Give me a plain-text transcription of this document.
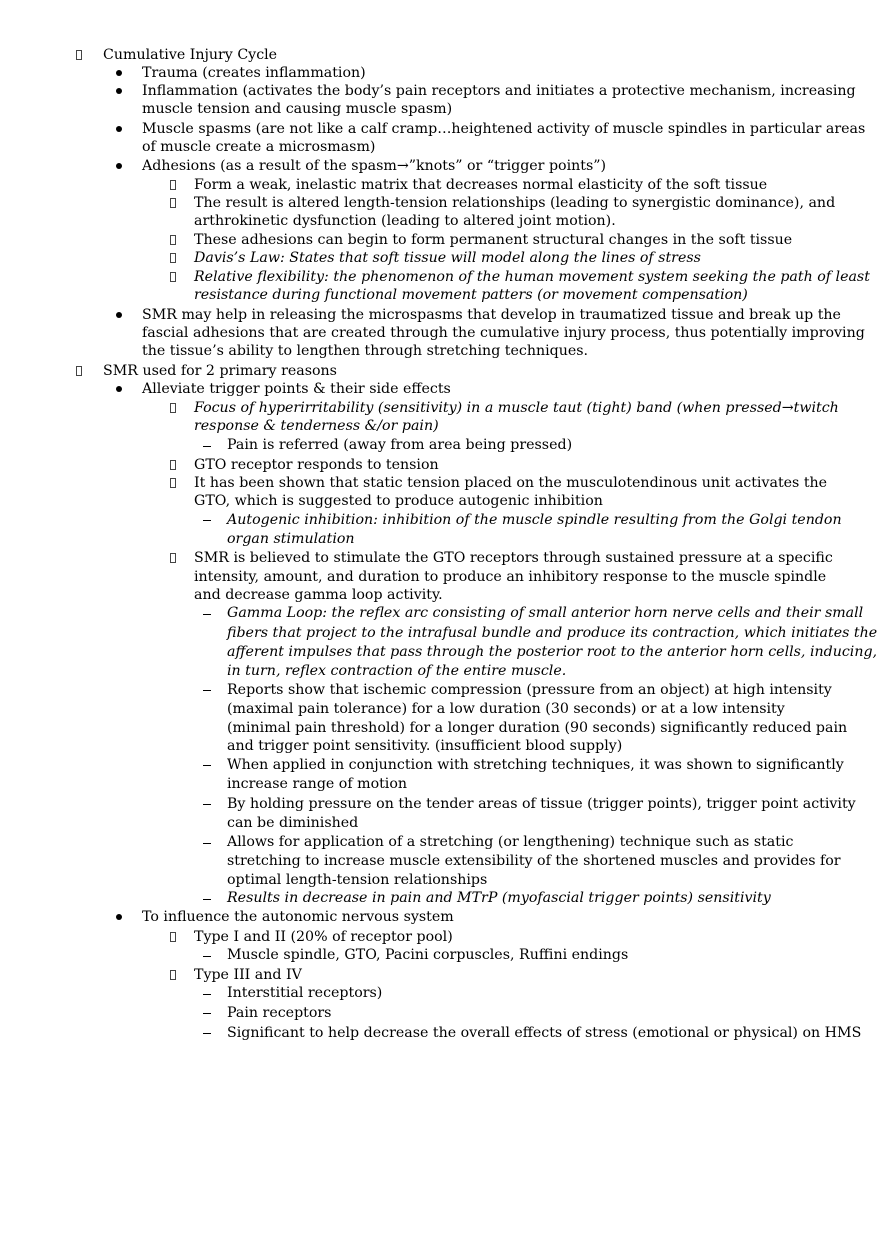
Cumulative Injury Cycle
Trauma (creates inflammation)
Inflammation (activates the body’s pain receptors and initiates a protective mechanism, increasing
muscle tension and causing muscle spasm)
Muscle spasms (are not like a calf cramp…heightened activity of muscle spindles in particular areas
of muscle create a microsmasm)
Adhesions (as a result of the spasm→”knots” or “trigger points”)
Form a weak, inelastic matrix that decreases normal elasticity of the soft tissue
The result is altered length-tension relationships (leading to synergistic dominance), and
arthrokinetic dysfunction (leading to altered joint motion).
These adhesions can begin to form permanent structural changes in the soft tissue
Davis’s Law: States that soft tissue will model along the lines of stress
Relative flexibility: the phenomenon of the human movement system seeking the path of least
resistance during functional movement patters (or movement compensation)
SMR may help in releasing the microspasms that develop in traumatized tissue and break up the
fascial adhesions that are created through the cumulative injury process, thus potentially improving
the tissue’s ability to lengthen through stretching techniques.
SMR used for 2 primary reasons
Alleviate trigger points & their side effects
Focus of hyperirritability (sensitivity) in a muscle taut (tight) band (when pressed→twitch
response & tenderness &/or pain)
Pain is referred (away from area being pressed)
GTO receptor responds to tension
It has been shown that static tension placed on the musculotendinous unit activates the
GTO, which is suggested to produce autogenic inhibition
Autogenic inhibition: inhibition of the muscle spindle resulting from the Golgi tendon
organ stimulation
SMR is believed to stimulate the GTO receptors through sustained pressure at a specific
intensity, amount, and duration to produce an inhibitory response to the muscle spindle
and decrease gamma loop activity.
Gamma Loop: the reflex arc consisting of small anterior horn nerve cells and their small
fibers that project to the intrafusal bundle and produce its contraction, which initiates the
afferent impulses that pass through the posterior root to the anterior horn cells, inducing,
in turn, reflex contraction of the entire muscle.
Reports show that ischemic compression (pressure from an object) at high intensity
(maximal pain tolerance) for a low duration (30 seconds) or at a low intensity
(minimal pain threshold) for a longer duration (90 seconds) significantly reduced pain
and trigger point sensitivity. (insufficient blood supply)
When applied in conjunction with stretching techniques, it was shown to significantly
increase range of motion
By holding pressure on the tender areas of tissue (trigger points), trigger point activity
can be diminished
Allows for application of a stretching (or lengthening) technique such as static
stretching to increase muscle extensibility of the shortened muscles and provides for
optimal length-tension relationships
Results in decrease in pain and MTrP (myofascial trigger points) sensitivity
To influence the autonomic nervous system
Type I and II (20% of receptor pool)
Muscle spindle, GTO, Pacini corpuscles, Ruffini endings
Type III and IV
Interstitial receptors)
Pain receptors
Significant to help decrease the overall effects of stress (emotional or physical) on HMS
